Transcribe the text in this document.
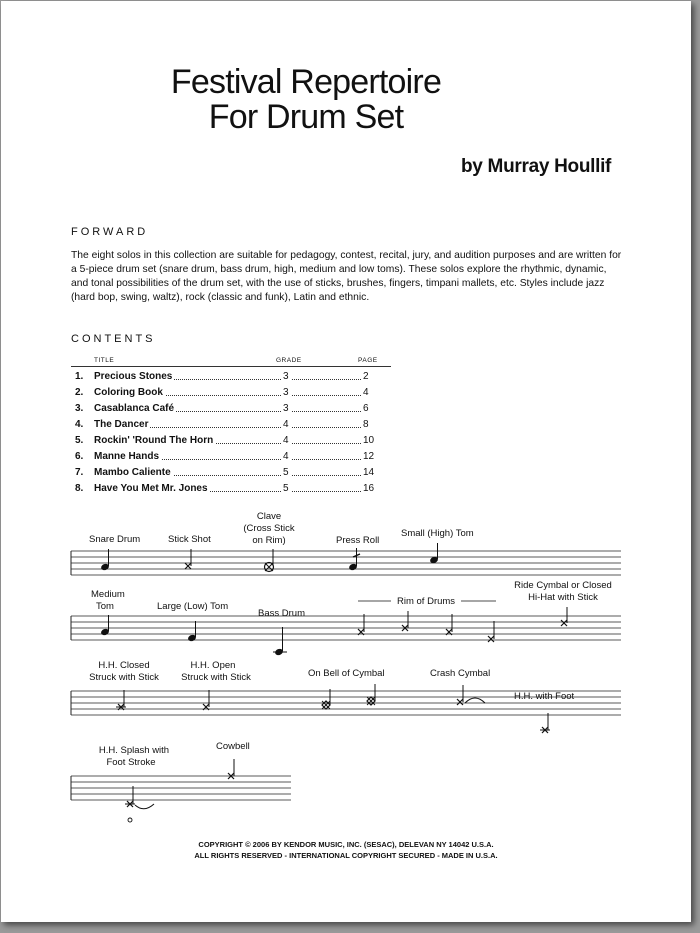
Festival Repertoire
For Drum Set
by Murray Houllif
FORWARD
The eight solos in this collection are suitable for pedagogy, contest, recital, jury, and audition purposes and are written for a 5-piece drum set (snare drum, bass drum, high, medium and low toms). These solos explore the rhythmic, dynamic, and tonal possibilities of the drum set, with the use of sticks, brushes, fingers, timpani mallets, etc. Styles include jazz (hard bop, swing, waltz), rock (classic and funk), Latin and ethnic.
CONTENTS
TITLE	GRADE	PAGE
1.	Precious Stones	3	2
2.	Coloring Book	3	4
3.	Casablanca Café	3	6
4.	The Dancer	4	8
5.	Rockin' 'Round The Horn	4	10
6.	Manne Hands	4	12
7.	Mambo Caliente	5	14
8.	Have You Met Mr. Jones	5	16
Snare Drum	Stick Shot
Clave
(Cross Stick
on Rim)	Press Roll
Small (High) Tom
Medium
Tom	Large (Low) Tom
Bass Drum
Rim of Drums
Ride Cymbal or Closed
Hi-Hat with Stick
H.H. Closed
Struck with Stick
H.H. Open
Struck with Stick	On Bell of Cymbal	Crash Cymbal
H.H. with Foot
H.H. Splash with
Foot Stroke
Cowbell
COPYRIGHT © 2006 BY KENDOR MUSIC, INC. (SESAC), DELEVAN NY 14042 U.S.A.
ALL RIGHTS RESERVED - INTERNATIONAL COPYRIGHT SECURED - MADE IN U.S.A.
